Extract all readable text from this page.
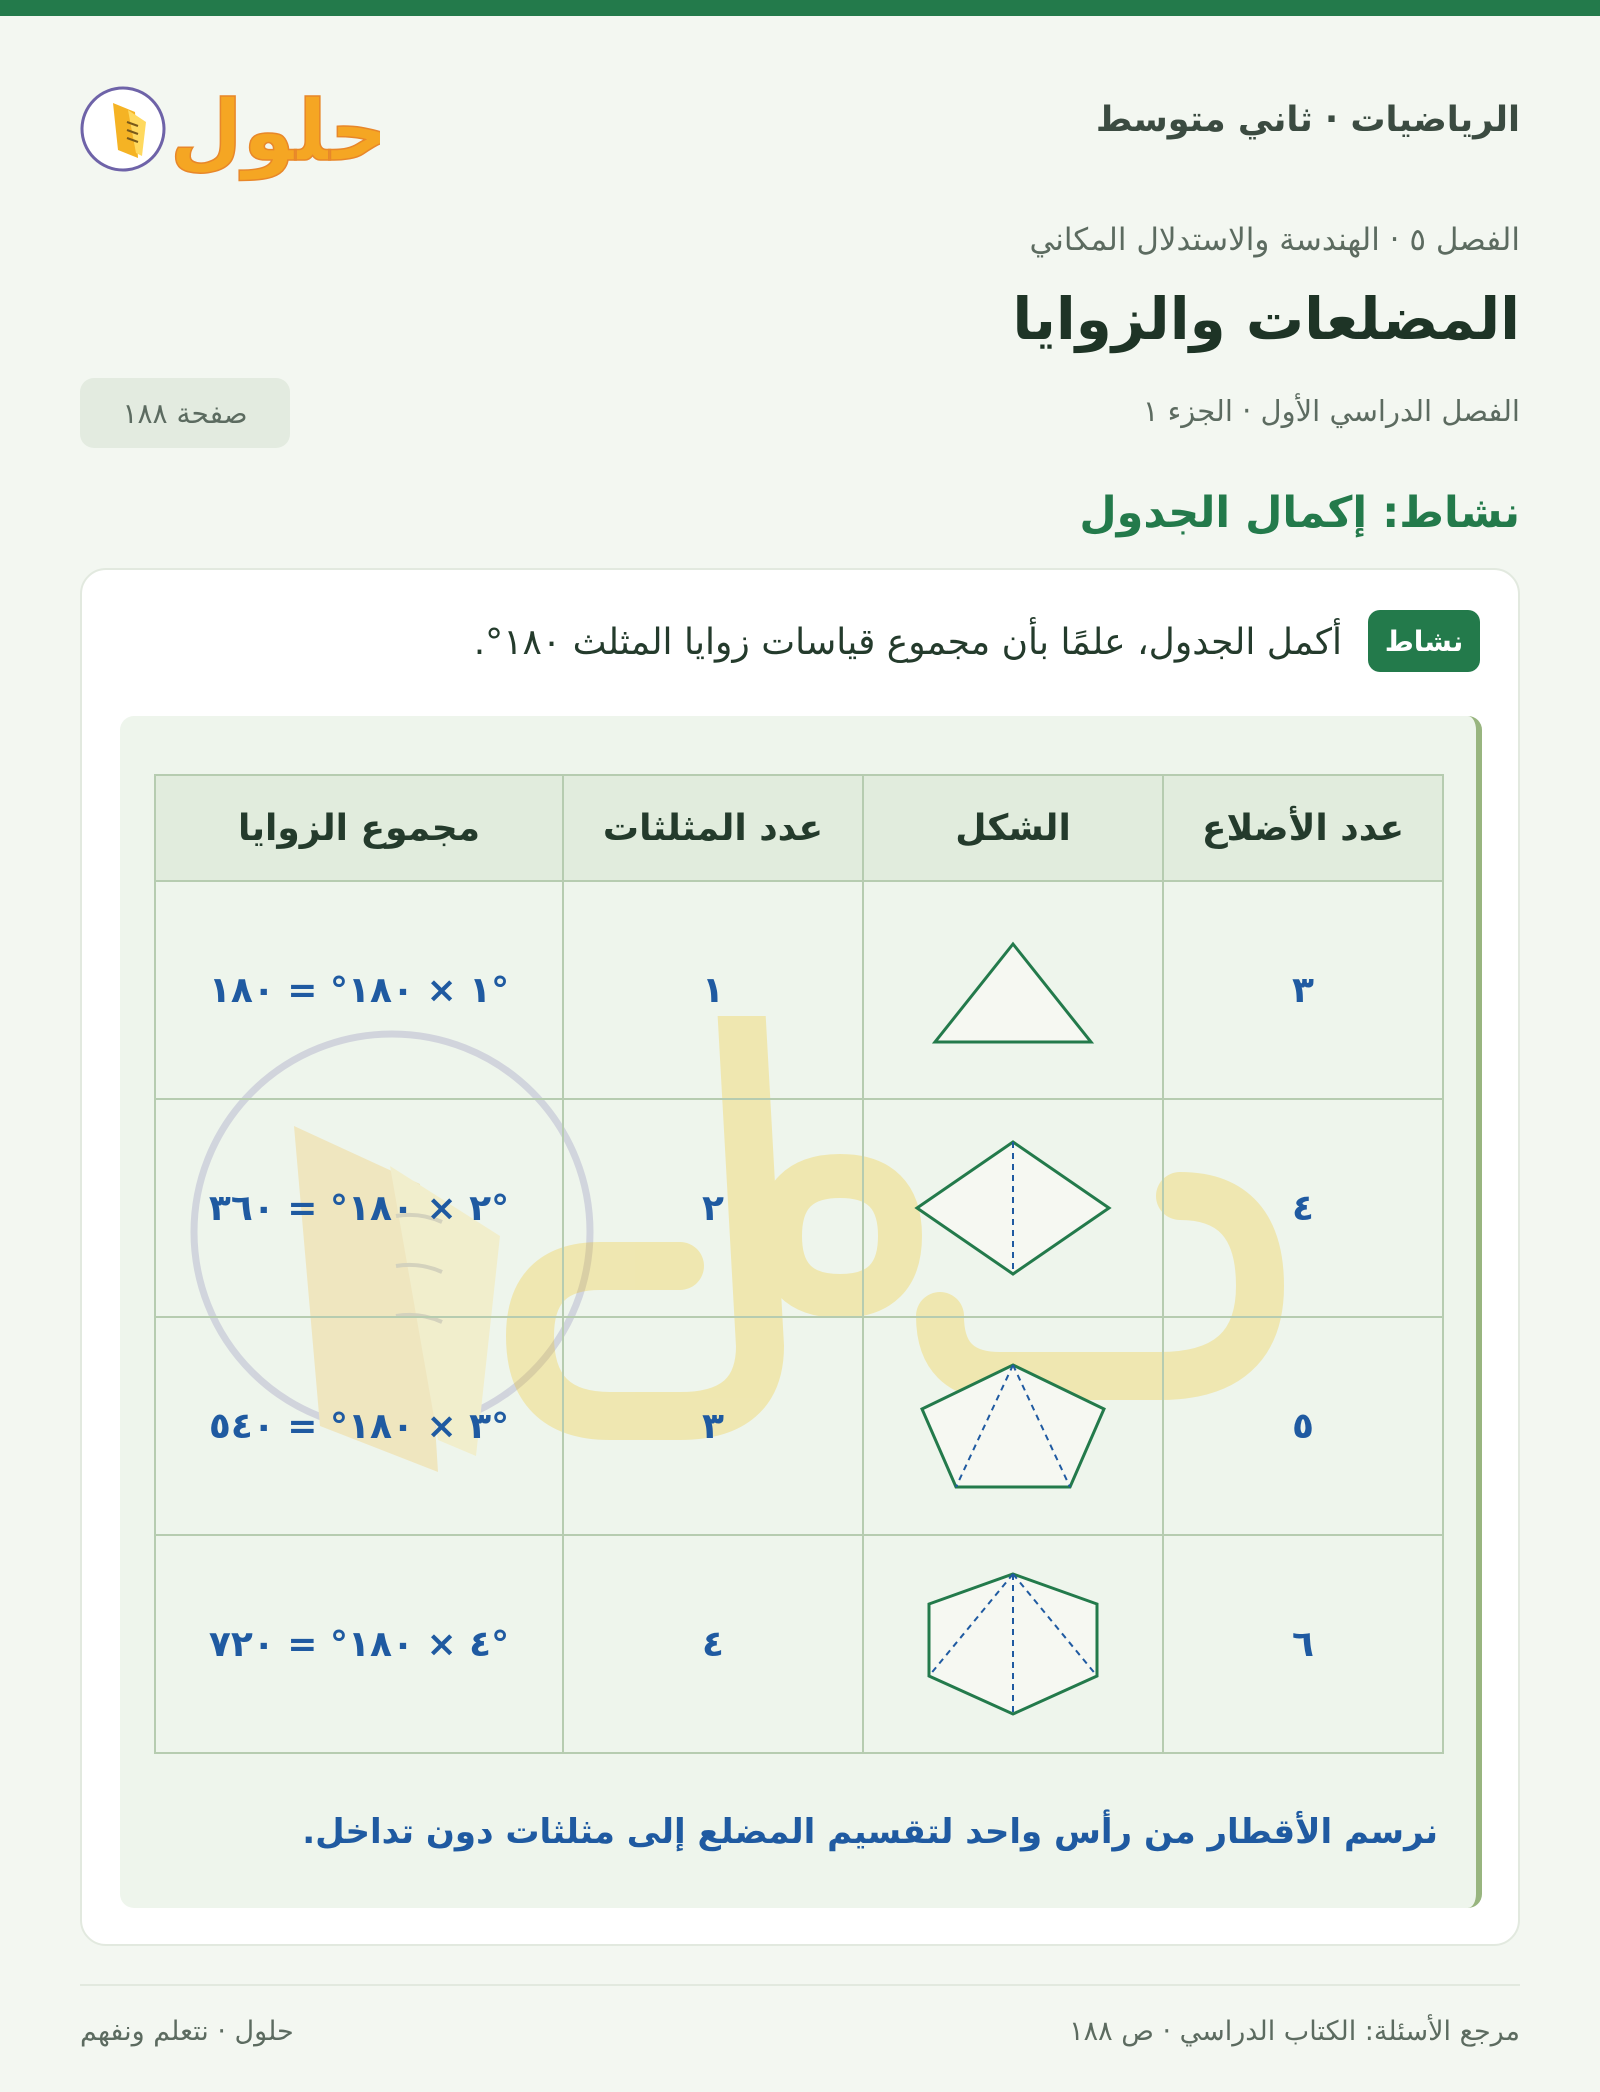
الرياضيات · ثاني متوسط
حلول
الفصل ٥ · الهندسة والاستدلال المكاني
المضلعات والزوايا
الفصل الدراسي الأول · الجزء ١
صفحة ١٨٨
نشاط: إكمال الجدول
نشاط
أكمل الجدول، علمًا بأن مجموع قياسات زوايا المثلث ١٨٠°.
عدد الأضلاع	الشكل	عدد المثلثات	مجموع الزوايا
٣		١	١ × ١٨٠° = ١٨٠°
٤		٢	٢ × ١٨٠° = ٣٦٠°
٥		٣	٣ × ١٨٠° = ٥٤٠°
٦		٤	٤ × ١٨٠° = ٧٢٠°
نرسم الأقطار من رأس واحد لتقسيم المضلع إلى مثلثات دون تداخل.
مرجع الأسئلة: الكتاب الدراسي · ص ١٨٨
حلول · نتعلم ونفهم
